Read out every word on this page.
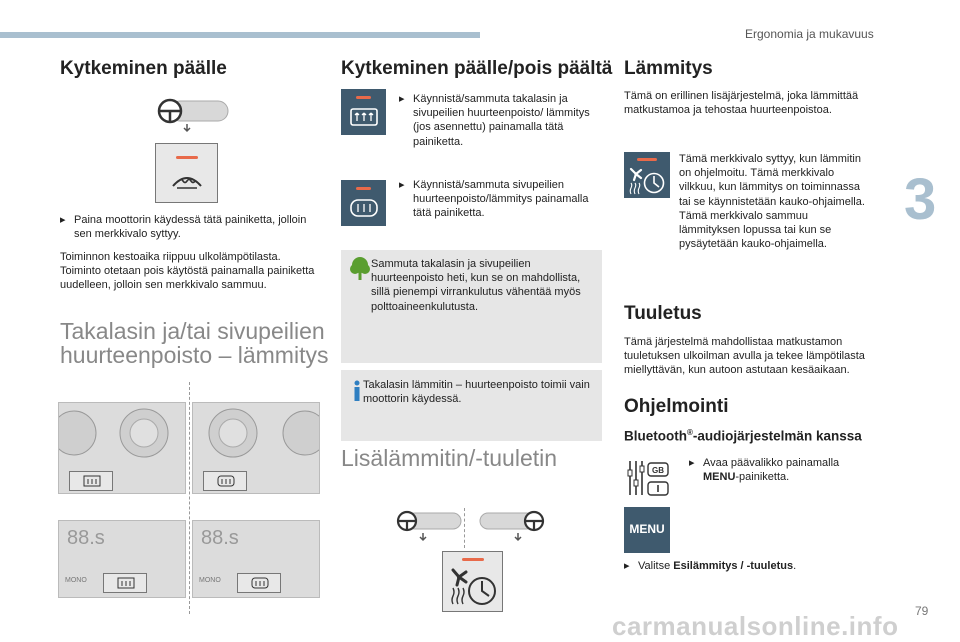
Ergonomia ja mukavuus
3
Kytkeminen päälle
▸ Paina moottorin käydessä tätä painiketta, jolloin sen merkkivalo syttyy.

Toiminnon kestoaika riippuu ulkolämpötilasta. Toiminto otetaan pois käytöstä painamalla painiketta uudelleen, jolloin sen merkkivalo sammuu.

Takalasin ja/tai sivupeilien
huurteenpoisto – lämmitys
88.s
MONO
88.s
MONO
Kytkeminen päälle/pois päältä
▸ Käynnistä/sammuta takalasin ja sivupeilien huurteenpoisto/ lämmitys (jos asennettu) painamalla tätä painiketta.
▸ Käynnistä/sammuta sivupeilien huurteenpoisto/lämmitys painamalla tätä painiketta.

Sammuta takalasin ja sivupeilien huurteenpoisto heti, kun se on mahdollista, sillä pienempi virrankulutus vähentää myös polttoaineenkulutusta.

Takalasin lämmitin – huurteenpoisto toimii vain moottorin käydessä.

Lisälämmitin/-tuuletin
Lämmitys

Tämä on erillinen lisäjärjestelmä, joka lämmittää matkustamoa ja tehostaa huurteenpoistoa.

Tämä merkkivalo syttyy, kun lämmitin on ohjelmoitu. Tämä merkkivalo vilkkuu, kun lämmitys on toiminnassa tai se käynnistetään kauko-ohjaimella. Tämä merkkivalo sammuu lämmityksen lopussa tai kun se pysäytetään kauko-ohjaimella.

Tuuletus

Tämä järjestelmä mahdollistaa matkustamon tuuletuksen ulkoilman avulla ja tekee lämpötilasta miellyttävän, kun autoon astutaan kesäaikaan.

Ohjelmointi
Bluetooth®-audiojärjestelmän kanssa
GB
▸ Avaa päävalikko painamalla MENU-painiketta.
MENU
▸ Valitse Esilämmitys / -tuuletus.
carmanualsonline.info 79
